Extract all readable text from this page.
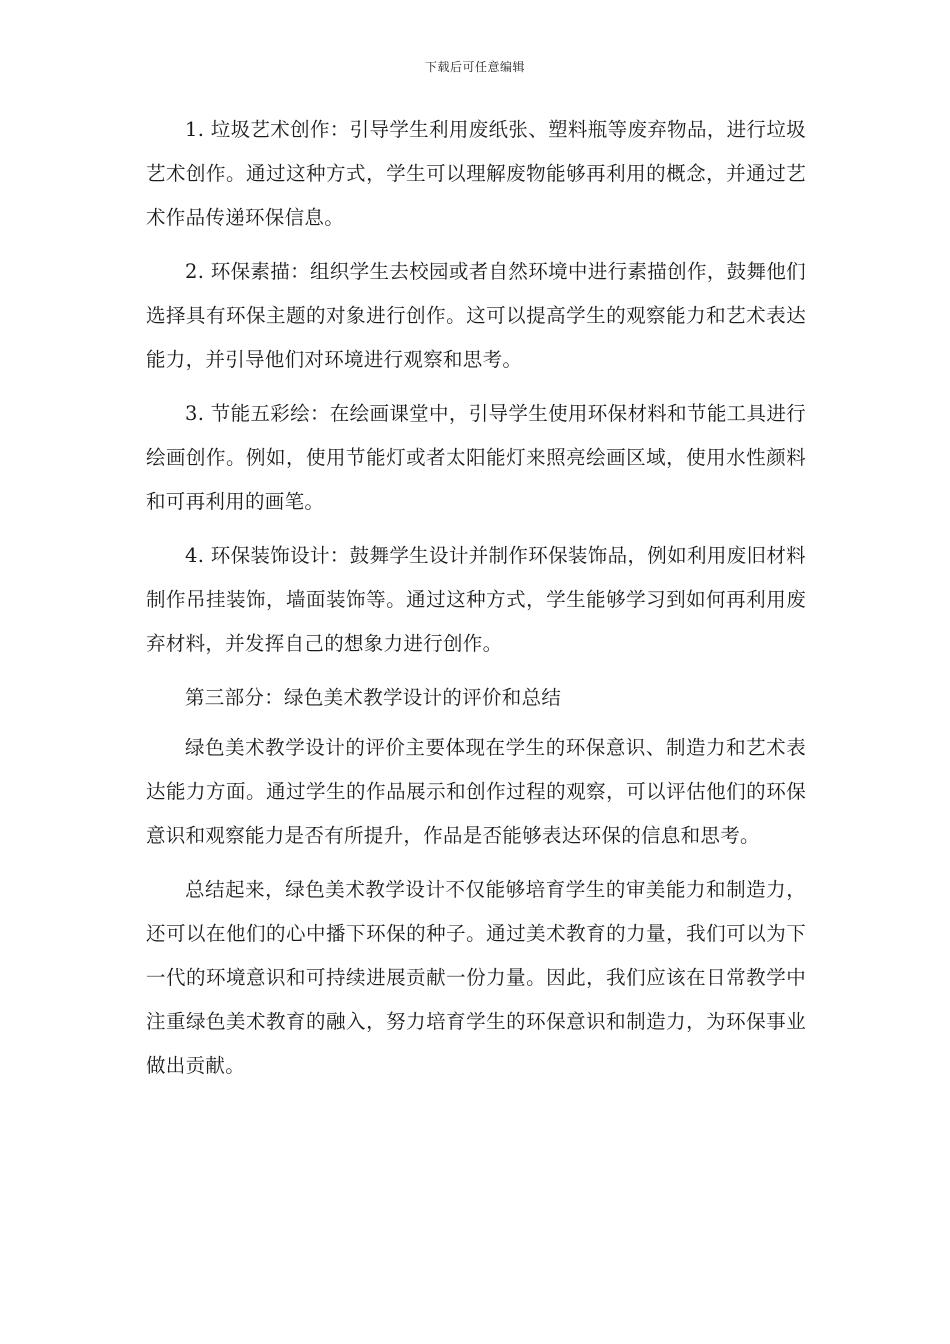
下载后可任意编辑

1. 垃圾艺术创作：引导学生利用废纸张、塑料瓶等废弃物品，进行垃圾艺术创作。通过这种方式，学生可以理解废物能够再利用的概念，并通过艺术作品传递环保信息。

2. 环保素描：组织学生去校园或者自然环境中进行素描创作，鼓舞他们选择具有环保主题的对象进行创作。这可以提高学生的观察能力和艺术表达能力，并引导他们对环境进行观察和思考。

3. 节能五彩绘：在绘画课堂中，引导学生使用环保材料和节能工具进行绘画创作。例如，使用节能灯或者太阳能灯来照亮绘画区域，使用水性颜料和可再利用的画笔。

4. 环保装饰设计：鼓舞学生设计并制作环保装饰品，例如利用废旧材料制作吊挂装饰，墙面装饰等。通过这种方式，学生能够学习到如何再利用废弃材料，并发挥自己的想象力进行创作。

第三部分：绿色美术教学设计的评价和总结

绿色美术教学设计的评价主要体现在学生的环保意识、制造力和艺术表达能力方面。通过学生的作品展示和创作过程的观察，可以评估他们的环保意识和观察能力是否有所提升，作品是否能够表达环保的信息和思考。

总结起来，绿色美术教学设计不仅能够培育学生的审美能力和制造力，还可以在他们的心中播下环保的种子。通过美术教育的力量，我们可以为下一代的环境意识和可持续进展贡献一份力量。因此，我们应该在日常教学中注重绿色美术教育的融入，努力培育学生的环保意识和制造力，为环保事业做出贡献。
